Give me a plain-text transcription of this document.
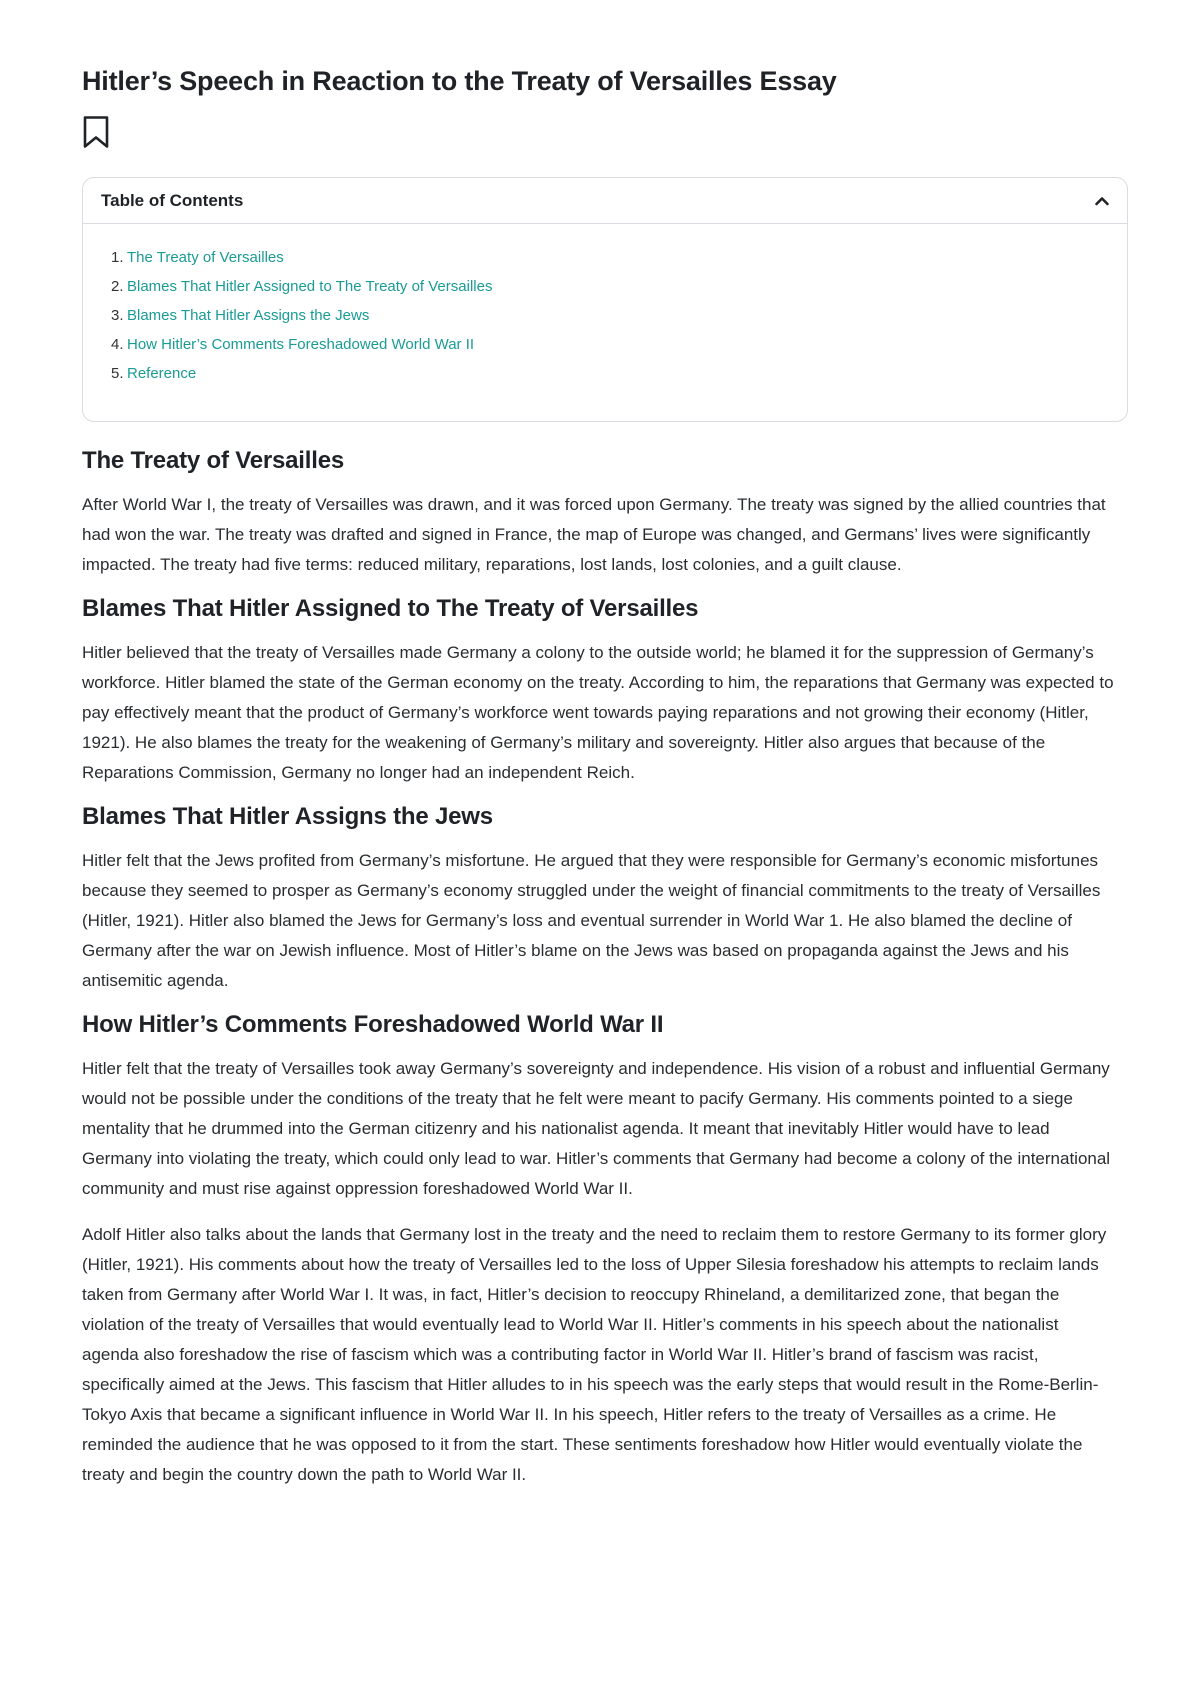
Hitler’s Speech in Reaction to the Treaty of Versailles Essay
Table of Contents
1. The Treaty of Versailles
2. Blames That Hitler Assigned to The Treaty of Versailles
3. Blames That Hitler Assigns the Jews
4. How Hitler’s Comments Foreshadowed World War II
5. Reference
The Treaty of Versailles

After World War I, the treaty of Versailles was drawn, and it was forced upon Germany. The treaty was signed by the allied countries that had won the war. The treaty was drafted and signed in France, the map of Europe was changed, and Germans’ lives were significantly impacted. The treaty had five terms: reduced military, reparations, lost lands, lost colonies, and a guilt clause.

Blames That Hitler Assigned to The Treaty of Versailles

Hitler believed that the treaty of Versailles made Germany a colony to the outside world; he blamed it for the suppression of Germany’s workforce. Hitler blamed the state of the German economy on the treaty. According to him, the reparations that Germany was expected to pay effectively meant that the product of Germany’s workforce went towards paying reparations and not growing their economy (Hitler, 1921). He also blames the treaty for the weakening of Germany’s military and sovereignty. Hitler also argues that because of the Reparations Commission, Germany no longer had an independent Reich.

Blames That Hitler Assigns the Jews

Hitler felt that the Jews profited from Germany’s misfortune. He argued that they were responsible for Germany’s economic misfortunes because they seemed to prosper as Germany’s economy struggled under the weight of financial commitments to the treaty of Versailles (Hitler, 1921). Hitler also blamed the Jews for Germany’s loss and eventual surrender in World War 1. He also blamed the decline of Germany after the war on Jewish influence. Most of Hitler’s blame on the Jews was based on propaganda against the Jews and his antisemitic agenda.

How Hitler’s Comments Foreshadowed World War II

Hitler felt that the treaty of Versailles took away Germany’s sovereignty and independence. His vision of a robust and influential Germany would not be possible under the conditions of the treaty that he felt were meant to pacify Germany. His comments pointed to a siege mentality that he drummed into the German citizenry and his nationalist agenda. It meant that inevitably Hitler would have to lead Germany into violating the treaty, which could only lead to war. Hitler’s comments that Germany had become a colony of the international community and must rise against oppression foreshadowed World War II.

Adolf Hitler also talks about the lands that Germany lost in the treaty and the need to reclaim them to restore Germany to its former glory (Hitler, 1921). His comments about how the treaty of Versailles led to the loss of Upper Silesia foreshadow his attempts to reclaim lands taken from Germany after World War I. It was, in fact, Hitler’s decision to reoccupy Rhineland, a demilitarized zone, that began the violation of the treaty of Versailles that would eventually lead to World War II. Hitler’s comments in his speech about the nationalist agenda also foreshadow the rise of fascism which was a contributing factor in World War II. Hitler’s brand of fascism was racist, specifically aimed at the Jews. This fascism that Hitler alludes to in his speech was the early steps that would result in the Rome-Berlin-Tokyo Axis that became a significant influence in World War II. In his speech, Hitler refers to the treaty of Versailles as a crime. He reminded the audience that he was opposed to it from the start. These sentiments foreshadow how Hitler would eventually violate the treaty and begin the country down the path to World War II.
